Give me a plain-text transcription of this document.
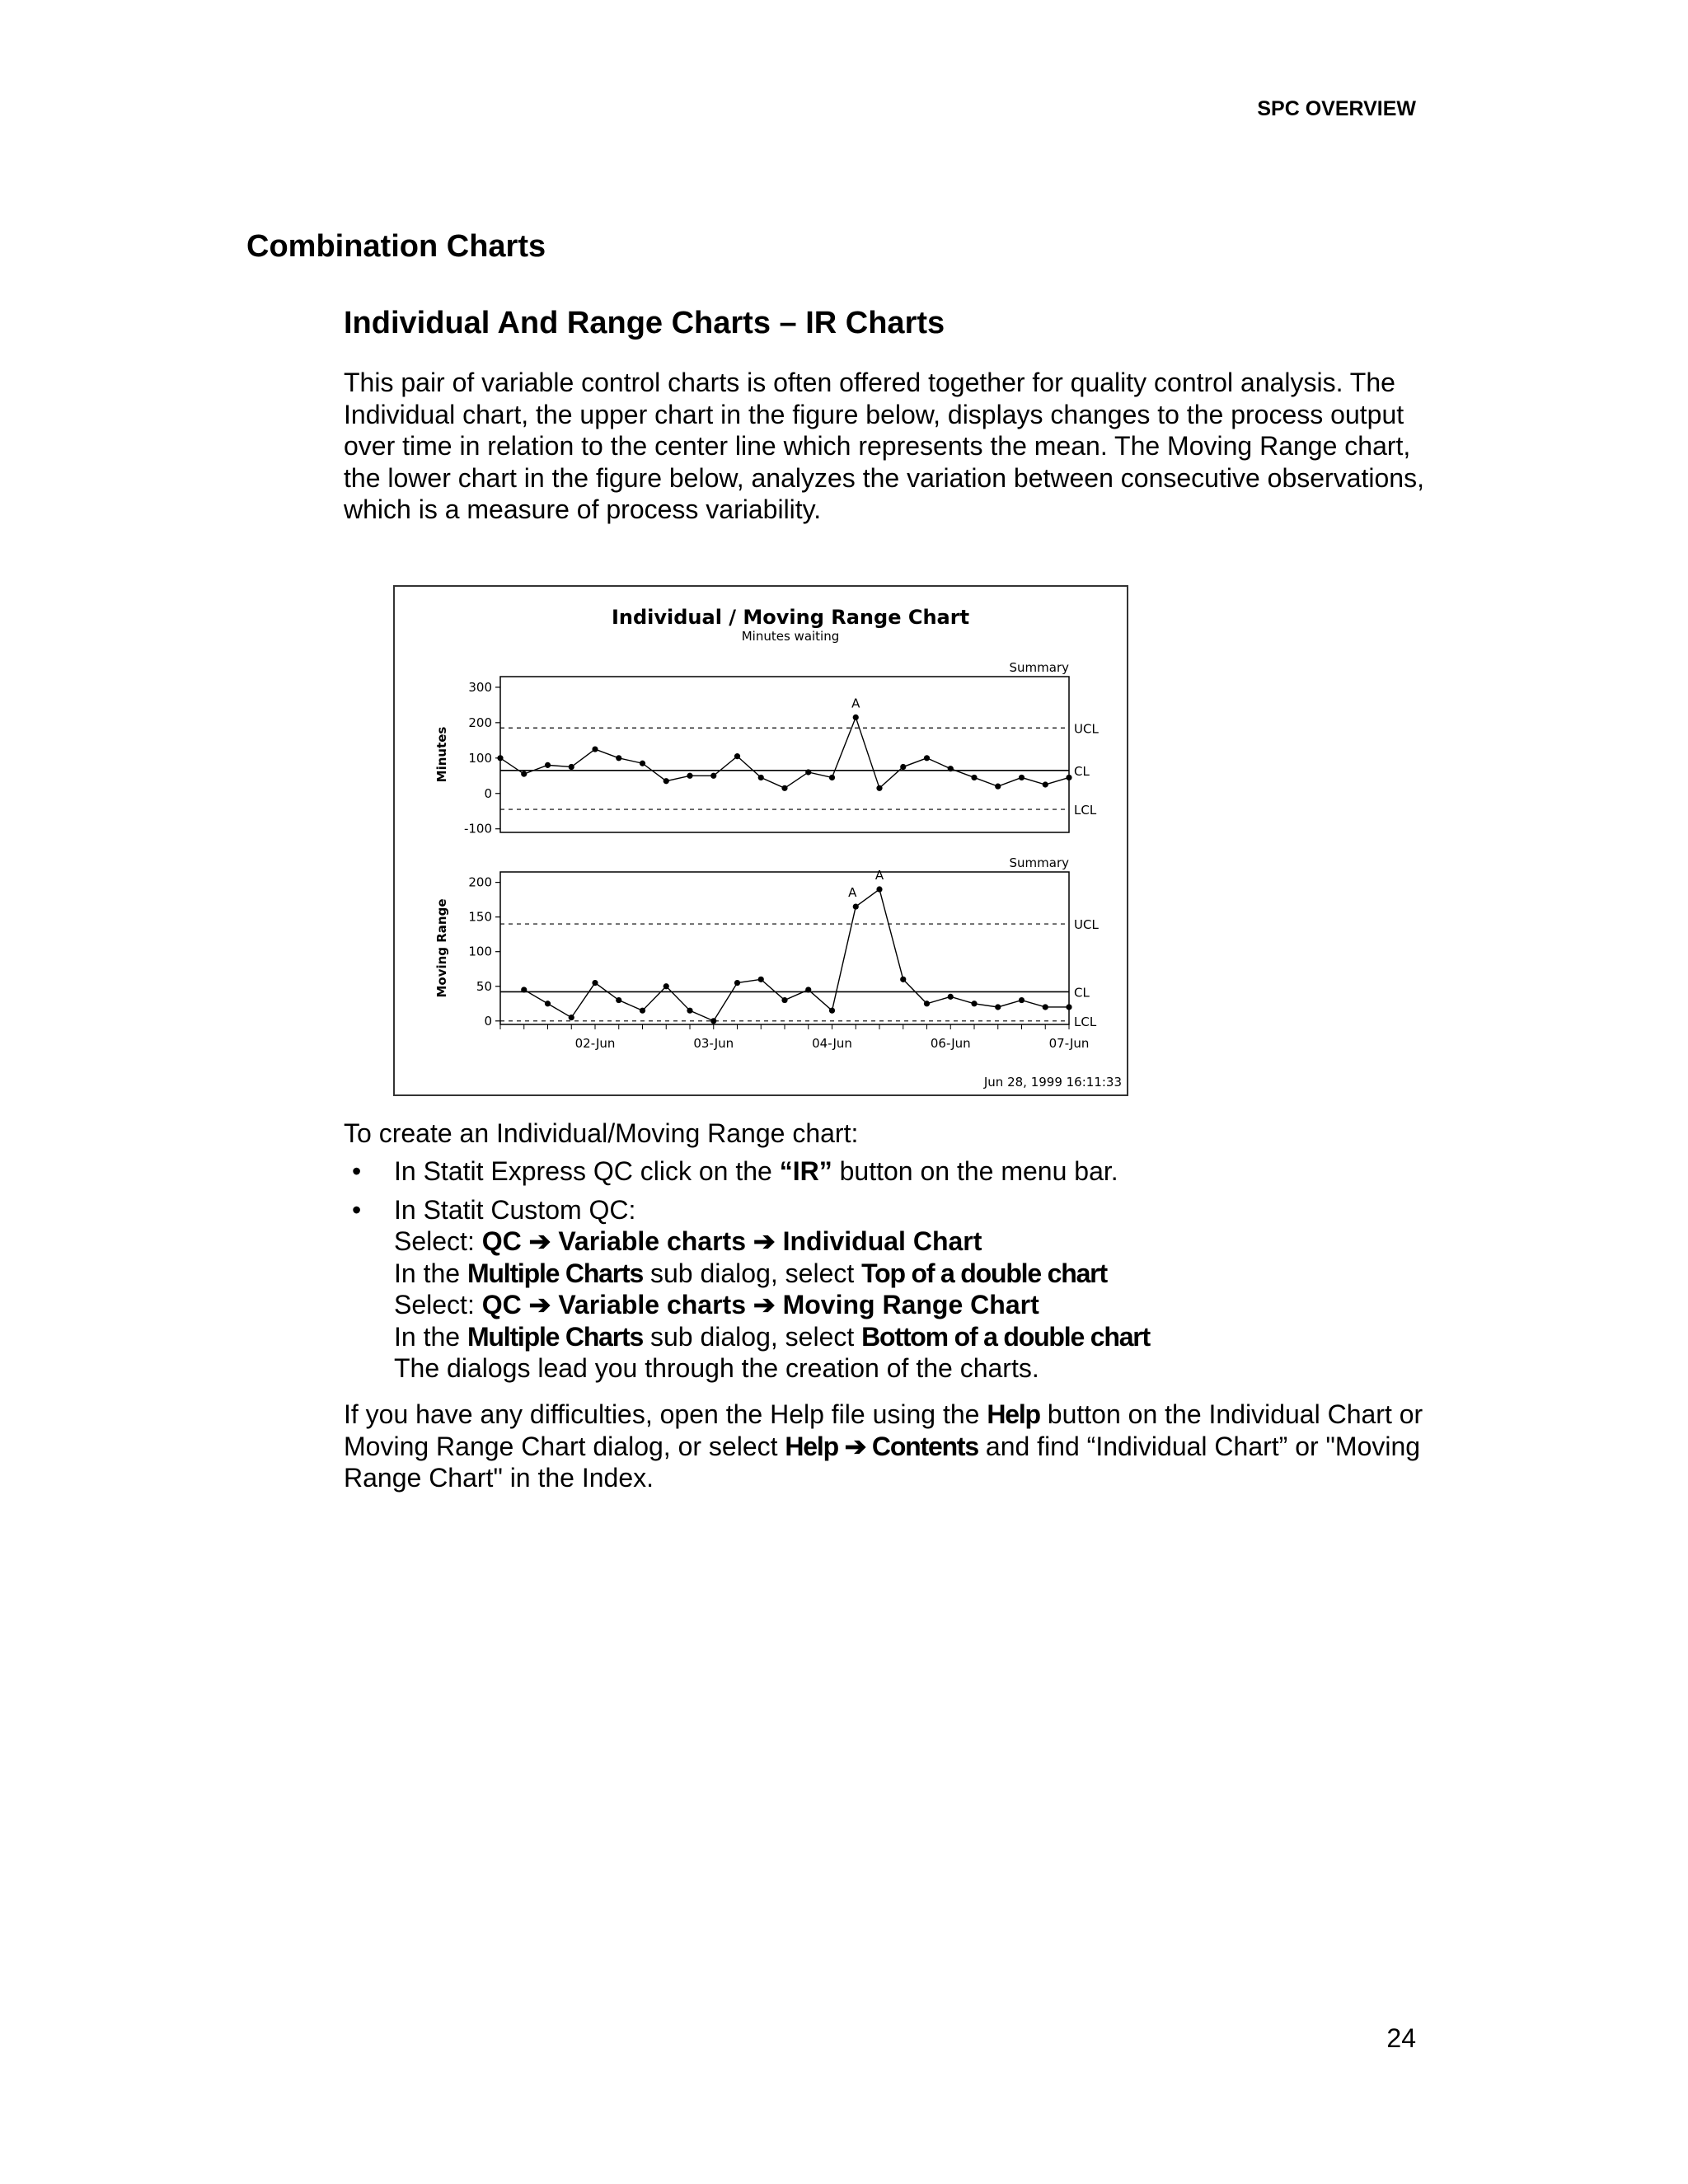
SPC OVERVIEW
Combination Charts
Individual And Range Charts – IR Charts

This pair of variable control charts is often offered together for quality control analysis. The Individual chart, the upper chart in the figure below, displays changes to the process output over time in relation to the center line which represents the mean. The Moving Range chart, the lower chart in the figure below, analyzes the variation between consecutive observations, which is a measure of process variability.

Individual / Moving Range Chart
Minutes waiting
Jun 28, 1999 16:11:33
Summary
Minutes
300
200
100
0
-100
UCL
CL
LCL
A
Summary
Moving Range
200
150
100
50
0
UCL
CL
LCL
A
A
02-Jun	03-Jun	04-Jun	06-Jun	07-Jun

To create an Individual/Moving Range chart:

• In Statit Express QC click on the “IR” button on the menu bar.
• In Statit Custom QC:
Select: QC ➔ Variable charts ➔ Individual Chart
In the Multiple Charts sub dialog, select Top of a double chart
Select: QC ➔ Variable charts ➔ Moving Range Chart
In the Multiple Charts sub dialog, select Bottom of a double chart
The dialogs lead you through the creation of the charts.

If you have any difficulties, open the Help file using the Help button on the Individual Chart or Moving Range Chart dialog, or select Help ➔ Contents and find “Individual Chart” or "Moving Range Chart" in the Index.

24
